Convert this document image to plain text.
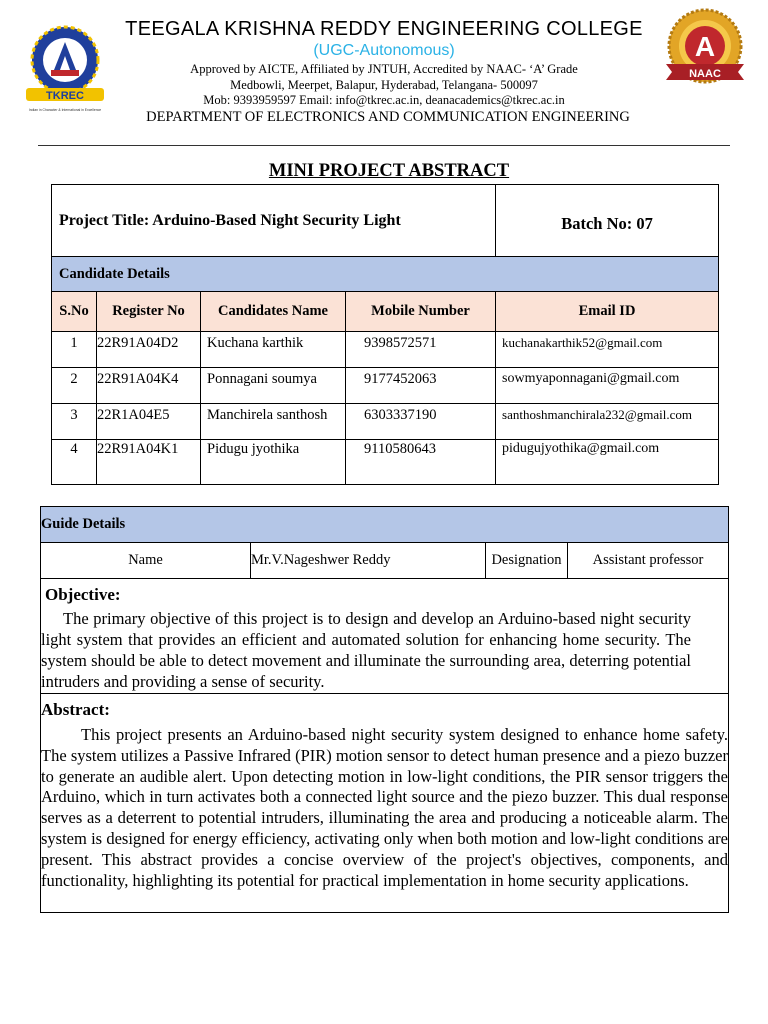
TKREC
Indian in Character & International in Excellence
A
NAAC
TEEGALA KRISHNA REDDY ENGINEERING COLLEGE
(UGC-Autonomous)
Approved by AICTE, Affiliated by JNTUH, Accredited by NAAC- ‘A’ Grade
Medbowli, Meerpet, Balapur, Hyderabad, Telangana- 500097
Mob: 9393959597 Email: info@tkrec.ac.in, deanacademics@tkrec.ac.in
DEPARTMENT OF ELECTRONICS AND COMMUNICATION ENGINEERING
MINI PROJECT ABSTRACT
Project Title: Arduino-Based Night Security Light				Batch No: 07
Candidate Details				
S.No	Register No	Candidates Name	Mobile Number	Email ID
1	22R91A04D2	Kuchana karthik	9398572571	kuchanakarthik52@gmail.com
2	22R91A04K4	Ponnagani soumya	9177452063	sowmyaponnagani@gmail.com
3	22R1A04E5	Manchirela santhosh	6303337190	santhoshmanchirala232@gmail.com
4	22R91A04K1	Pidugu jyothika	9110580643	pidugujyothika@gmail.com
Guide Details
Name	Mr.V.Nageshwer Reddy	Designation	Assistant professor

Objective:

The primary objective of this project is to design and develop an Arduino-based night security light system that provides an efficient and automated solution for enhancing home security. The system should be able to detect movement and illuminate the surrounding area, deterring potential intruders and providing a sense of security.

Abstract:

This project presents an Arduino-based night security system designed to enhance home safety. The system utilizes a Passive Infrared (PIR) motion sensor to detect human presence and a piezo buzzer to generate an audible alert. Upon detecting motion in low-light conditions, the PIR sensor triggers the Arduino, which in turn activates both a connected light source and the piezo buzzer. This dual response serves as a deterrent to potential intruders, illuminating the area and producing a noticeable alarm. The system is designed for energy efficiency, activating only when both motion and low-light conditions are present. This abstract provides a concise overview of the project's objectives, components, and functionality, highlighting its potential for practical implementation in home security applications.
